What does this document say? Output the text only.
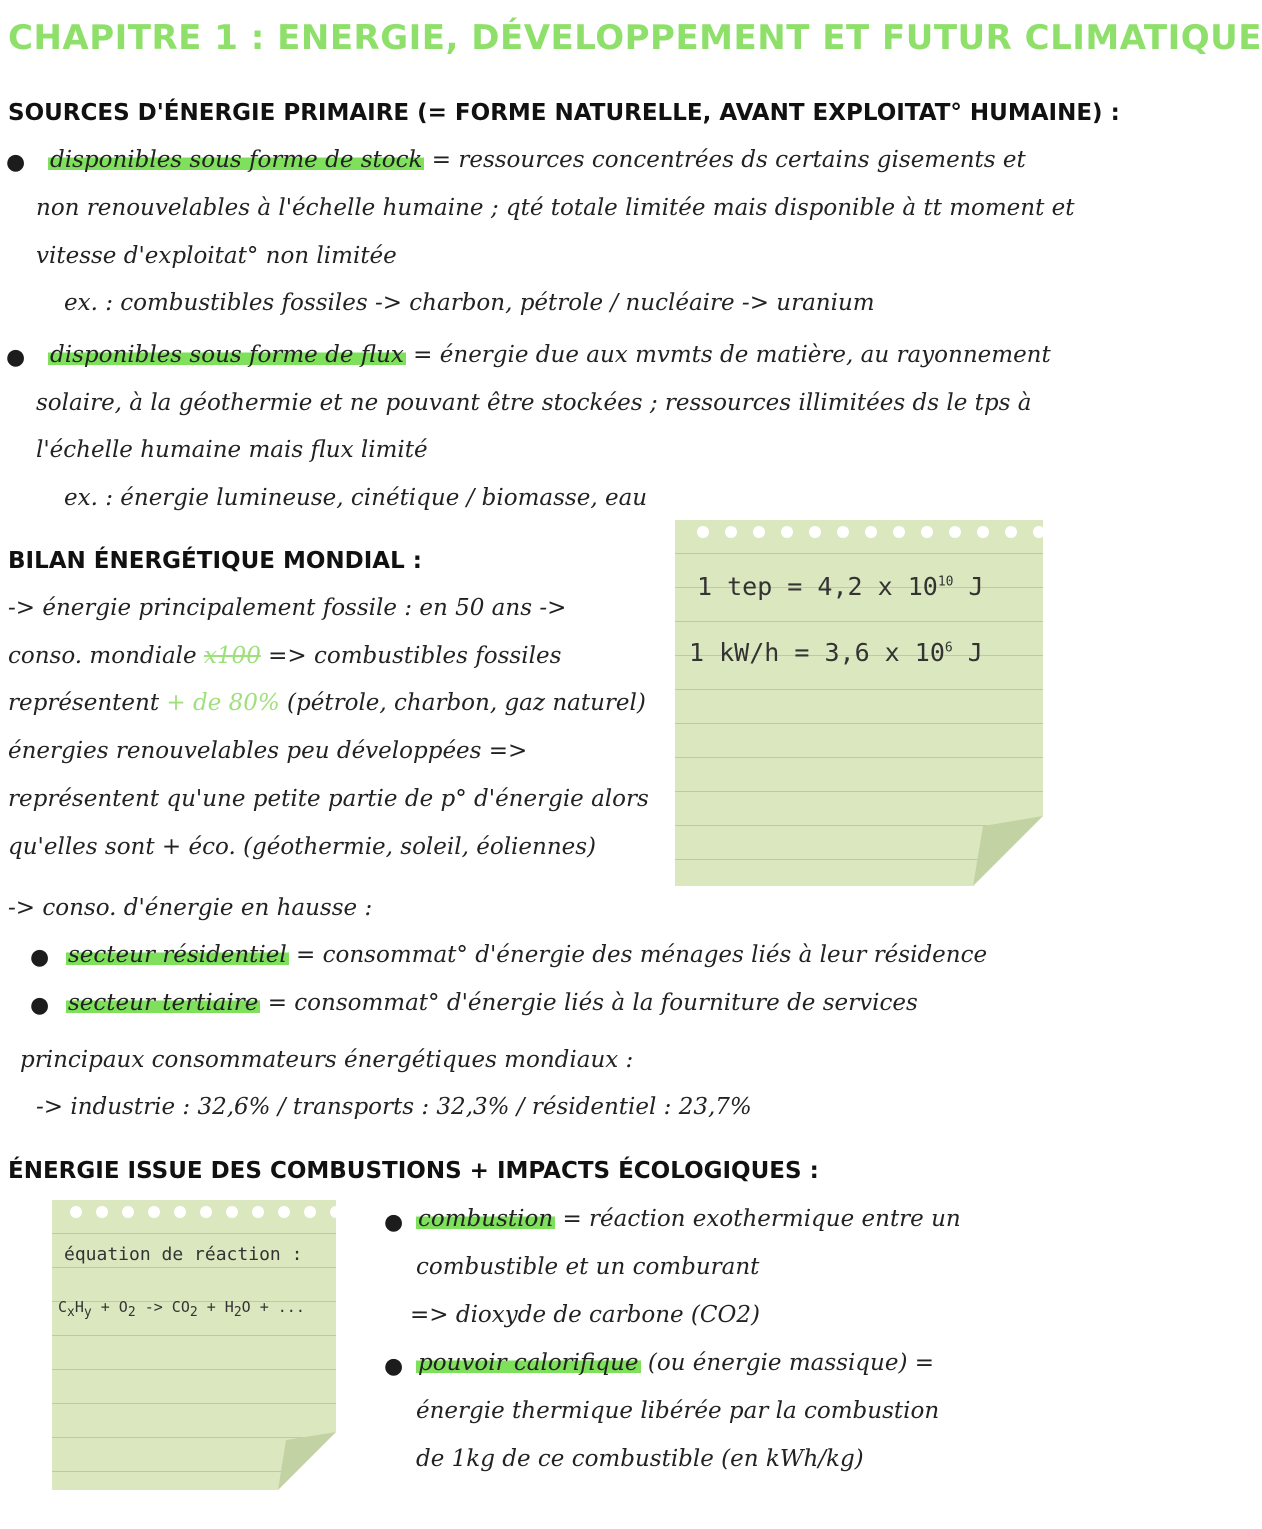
CHAPITRE 1 : ENERGIE, DÉVELOPPEMENT ET FUTUR CLIMATIQUE
SOURCES D'ÉNERGIE PRIMAIRE (= FORME NATURELLE, AVANT EXPLOITAT° HUMAINE) :
● disponibles sous forme de stock = ressources concentrées ds certains gisements et
non renouvelables à l'échelle humaine ; qté totale limitée mais disponible à tt moment et
vitesse d'exploitat° non limitée
ex. : combustibles fossiles -> charbon, pétrole / nucléaire -> uranium
● disponibles sous forme de flux = énergie due aux mvmts de matière, au rayonnement
solaire, à la géothermie et ne pouvant être stockées ; ressources illimitées ds le tps à
l'échelle humaine mais flux limité
ex. : énergie lumineuse, cinétique / biomasse, eau
1 tep = 4,2 x $10^{10}$ J
1 kW/h = 3,6 x $10^6$ J
BILAN ÉNERGÉTIQUE MONDIAL :
-> énergie principalement fossile : en 50 ans ->
conso. mondiale x100 => combustibles fossiles
représentent + de 80% (pétrole, charbon, gaz naturel)
énergies renouvelables peu développées =>
représentent qu'une petite partie de p° d'énergie alors
qu'elles sont + éco. (géothermie, soleil, éoliennes)
-> conso. d'énergie en hausse :
● secteur résidentiel = consommat° d'énergie des ménages liés à leur résidence
● secteur tertiaire = consommat° d'énergie liés à la fourniture de services
principaux consommateurs énergétiques mondiaux :
-> industrie : 32,6% / transports : 32,3% / résidentiel : 23,7%
ÉNERGIE ISSUE DES COMBUSTIONS + IMPACTS ÉCOLOGIQUES :
équation de réaction :
$C_xH_y + O_2 -> CO_2 + H_2O$ + ...
● combustion = réaction exothermique entre un
combustible et un comburant
=> dioxyde de carbone (CO2)
● pouvoir calorifique (ou énergie massique) =
énergie thermique libérée par la combustion
de 1kg de ce combustible (en kWh/kg)
